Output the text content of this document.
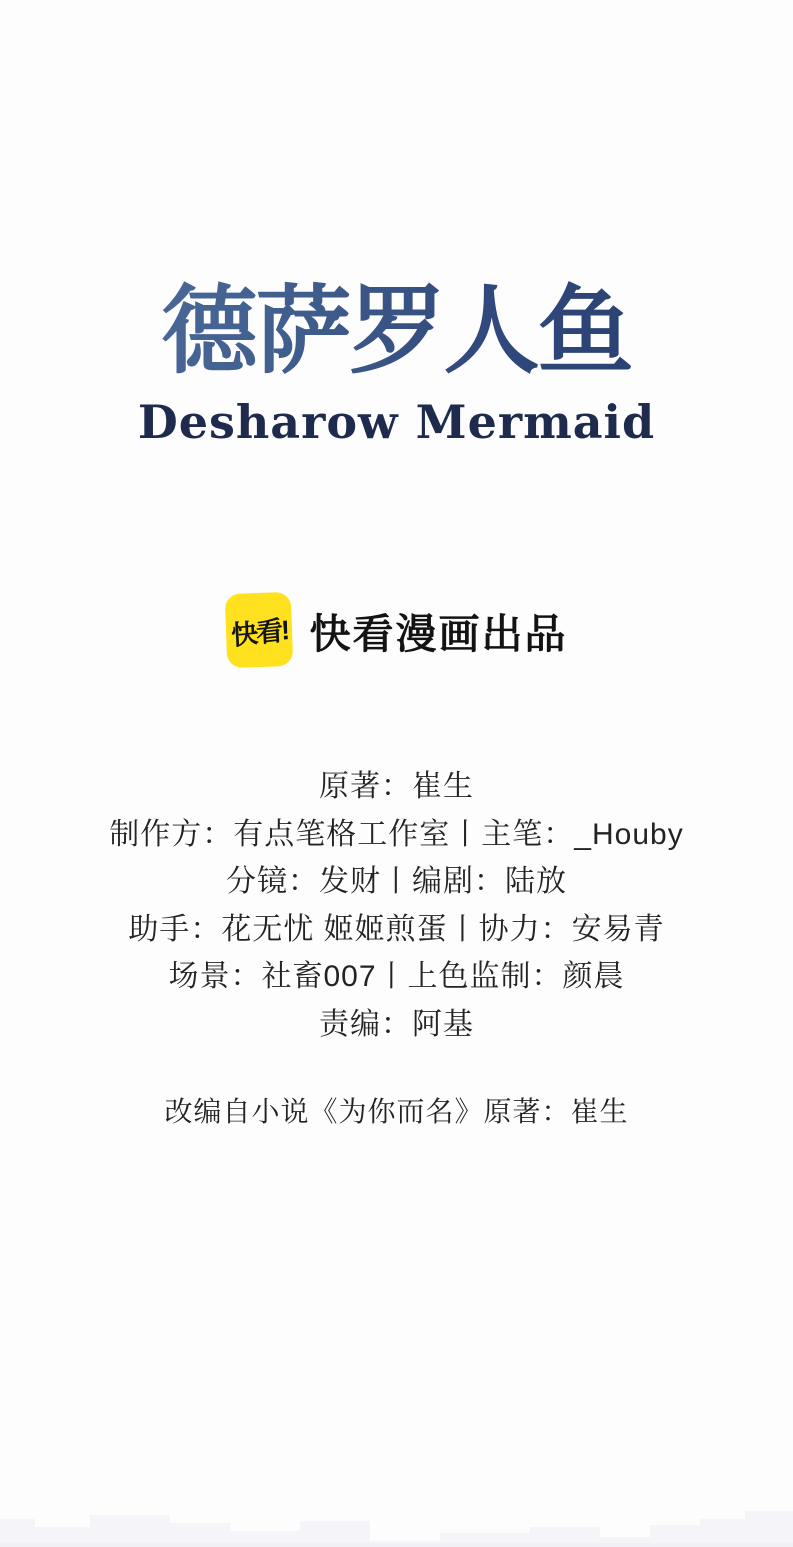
德萨罗人鱼
Desharow Mermaid
快看! 快看漫画出品
原著：崔生
制作方：有点笔格工作室丨主笔：_Houby
分镜：发财丨编剧：陆放
助手：花无忧 姬姬煎蛋丨协力：安易青
场景：社畜007丨上色监制：颜晨
责编：阿基
改编自小说《为你而名》原著：崔生
